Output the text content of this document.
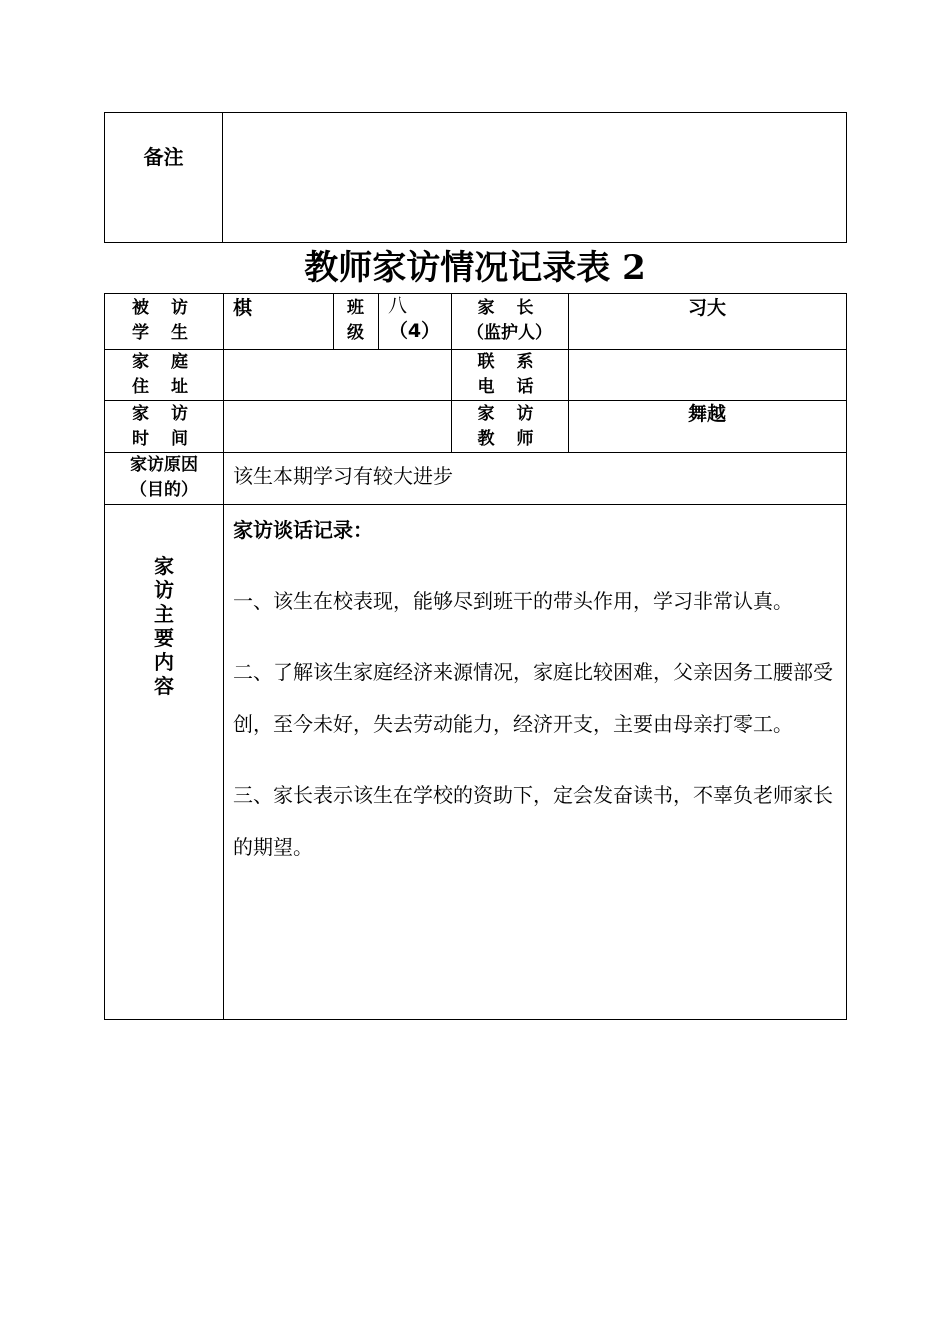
备注
教师家访情况记录表 2
被 访
学 生
棋	班
级
八
（4）
家 长
（监护人）
习大
家 庭
住 址
联 系
电 话
家 访
时 间
家 访
教 师
舞越
家访原因
（目的）
该生本期学习有较大进步
家
访
主
要
内
容
家访谈话记录：

一、该生在校表现，能够尽到班干的带头作用，学习非常认真。

二、了解该生家庭经济来源情况，家庭比较困难，父亲因务工腰部受创，至今未好，失去劳动能力，经济开支，主要由母亲打零工。

三、家长表示该生在学校的资助下，定会发奋读书，不辜负老师家长的期望。
